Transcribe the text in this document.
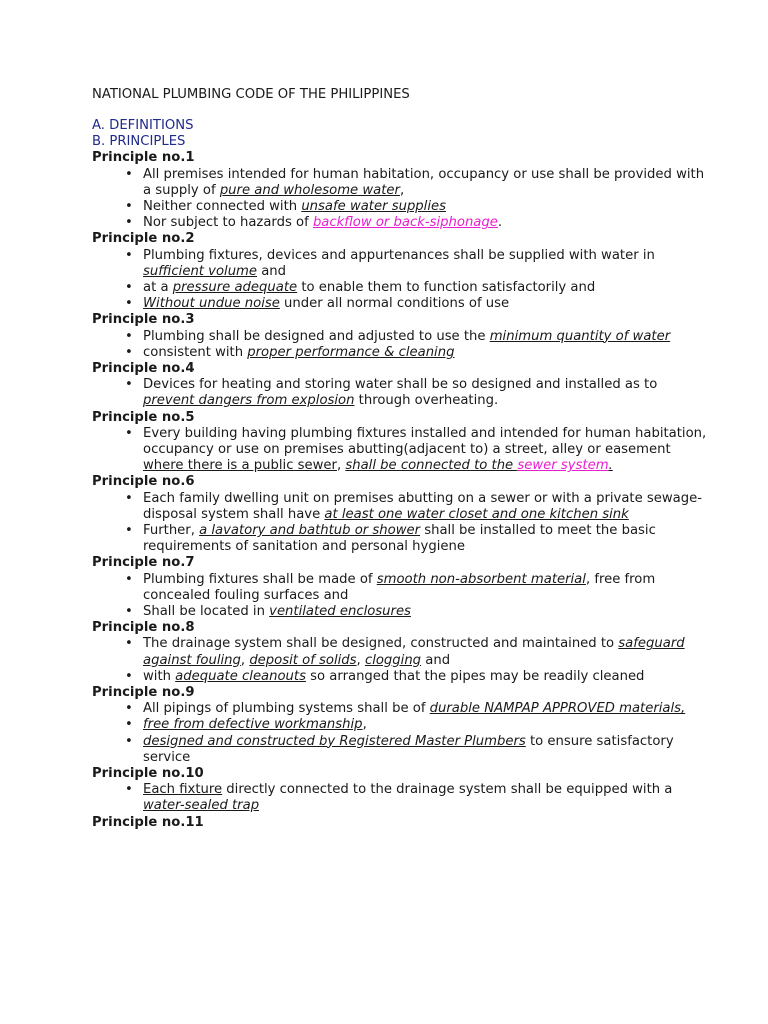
NATIONAL PLUMBING CODE OF THE PHILIPPINES
A. DEFINITIONS
B. PRINCIPLES
Principle no.1
• All premises intended for human habitation, occupancy or use shall be provided with a supply of pure and wholesome water,
• Neither connected with unsafe water supplies
• Nor subject to hazards of backflow or back-siphonage.
Principle no.2
• Plumbing fixtures, devices and appurtenances shall be supplied with water in sufficient volume and
• at a pressure adequate to enable them to function satisfactorily and
• Without undue noise under all normal conditions of use
Principle no.3
• Plumbing shall be designed and adjusted to use the minimum quantity of water
• consistent with proper performance & cleaning
Principle no.4
• Devices for heating and storing water shall be so designed and installed as to prevent dangers from explosion through overheating.
Principle no.5
• Every building having plumbing fixtures installed and intended for human habitation, occupancy or use on premises abutting(adjacent to) a street, alley or easement where there is a public sewer, shall be connected to the sewer system.
Principle no.6
• Each family dwelling unit on premises abutting on a sewer or with a private sewage-disposal system shall have at least one water closet and one kitchen sink
• Further, a lavatory and bathtub or shower shall be installed to meet the basic requirements of sanitation and personal hygiene
Principle no.7
• Plumbing fixtures shall be made of smooth non-absorbent material, free from concealed fouling surfaces and
• Shall be located in ventilated enclosures
Principle no.8
• The drainage system shall be designed, constructed and maintained to safeguard against fouling, deposit of solids, clogging and
• with adequate cleanouts so arranged that the pipes may be readily cleaned
Principle no.9
• All pipings of plumbing systems shall be of durable NAMPAP APPROVED materials,
• free from defective workmanship,
• designed and constructed by Registered Master Plumbers to ensure satisfactory service
Principle no.10
• Each fixture directly connected to the drainage system shall be equipped with a water-sealed trap
Principle no.11
